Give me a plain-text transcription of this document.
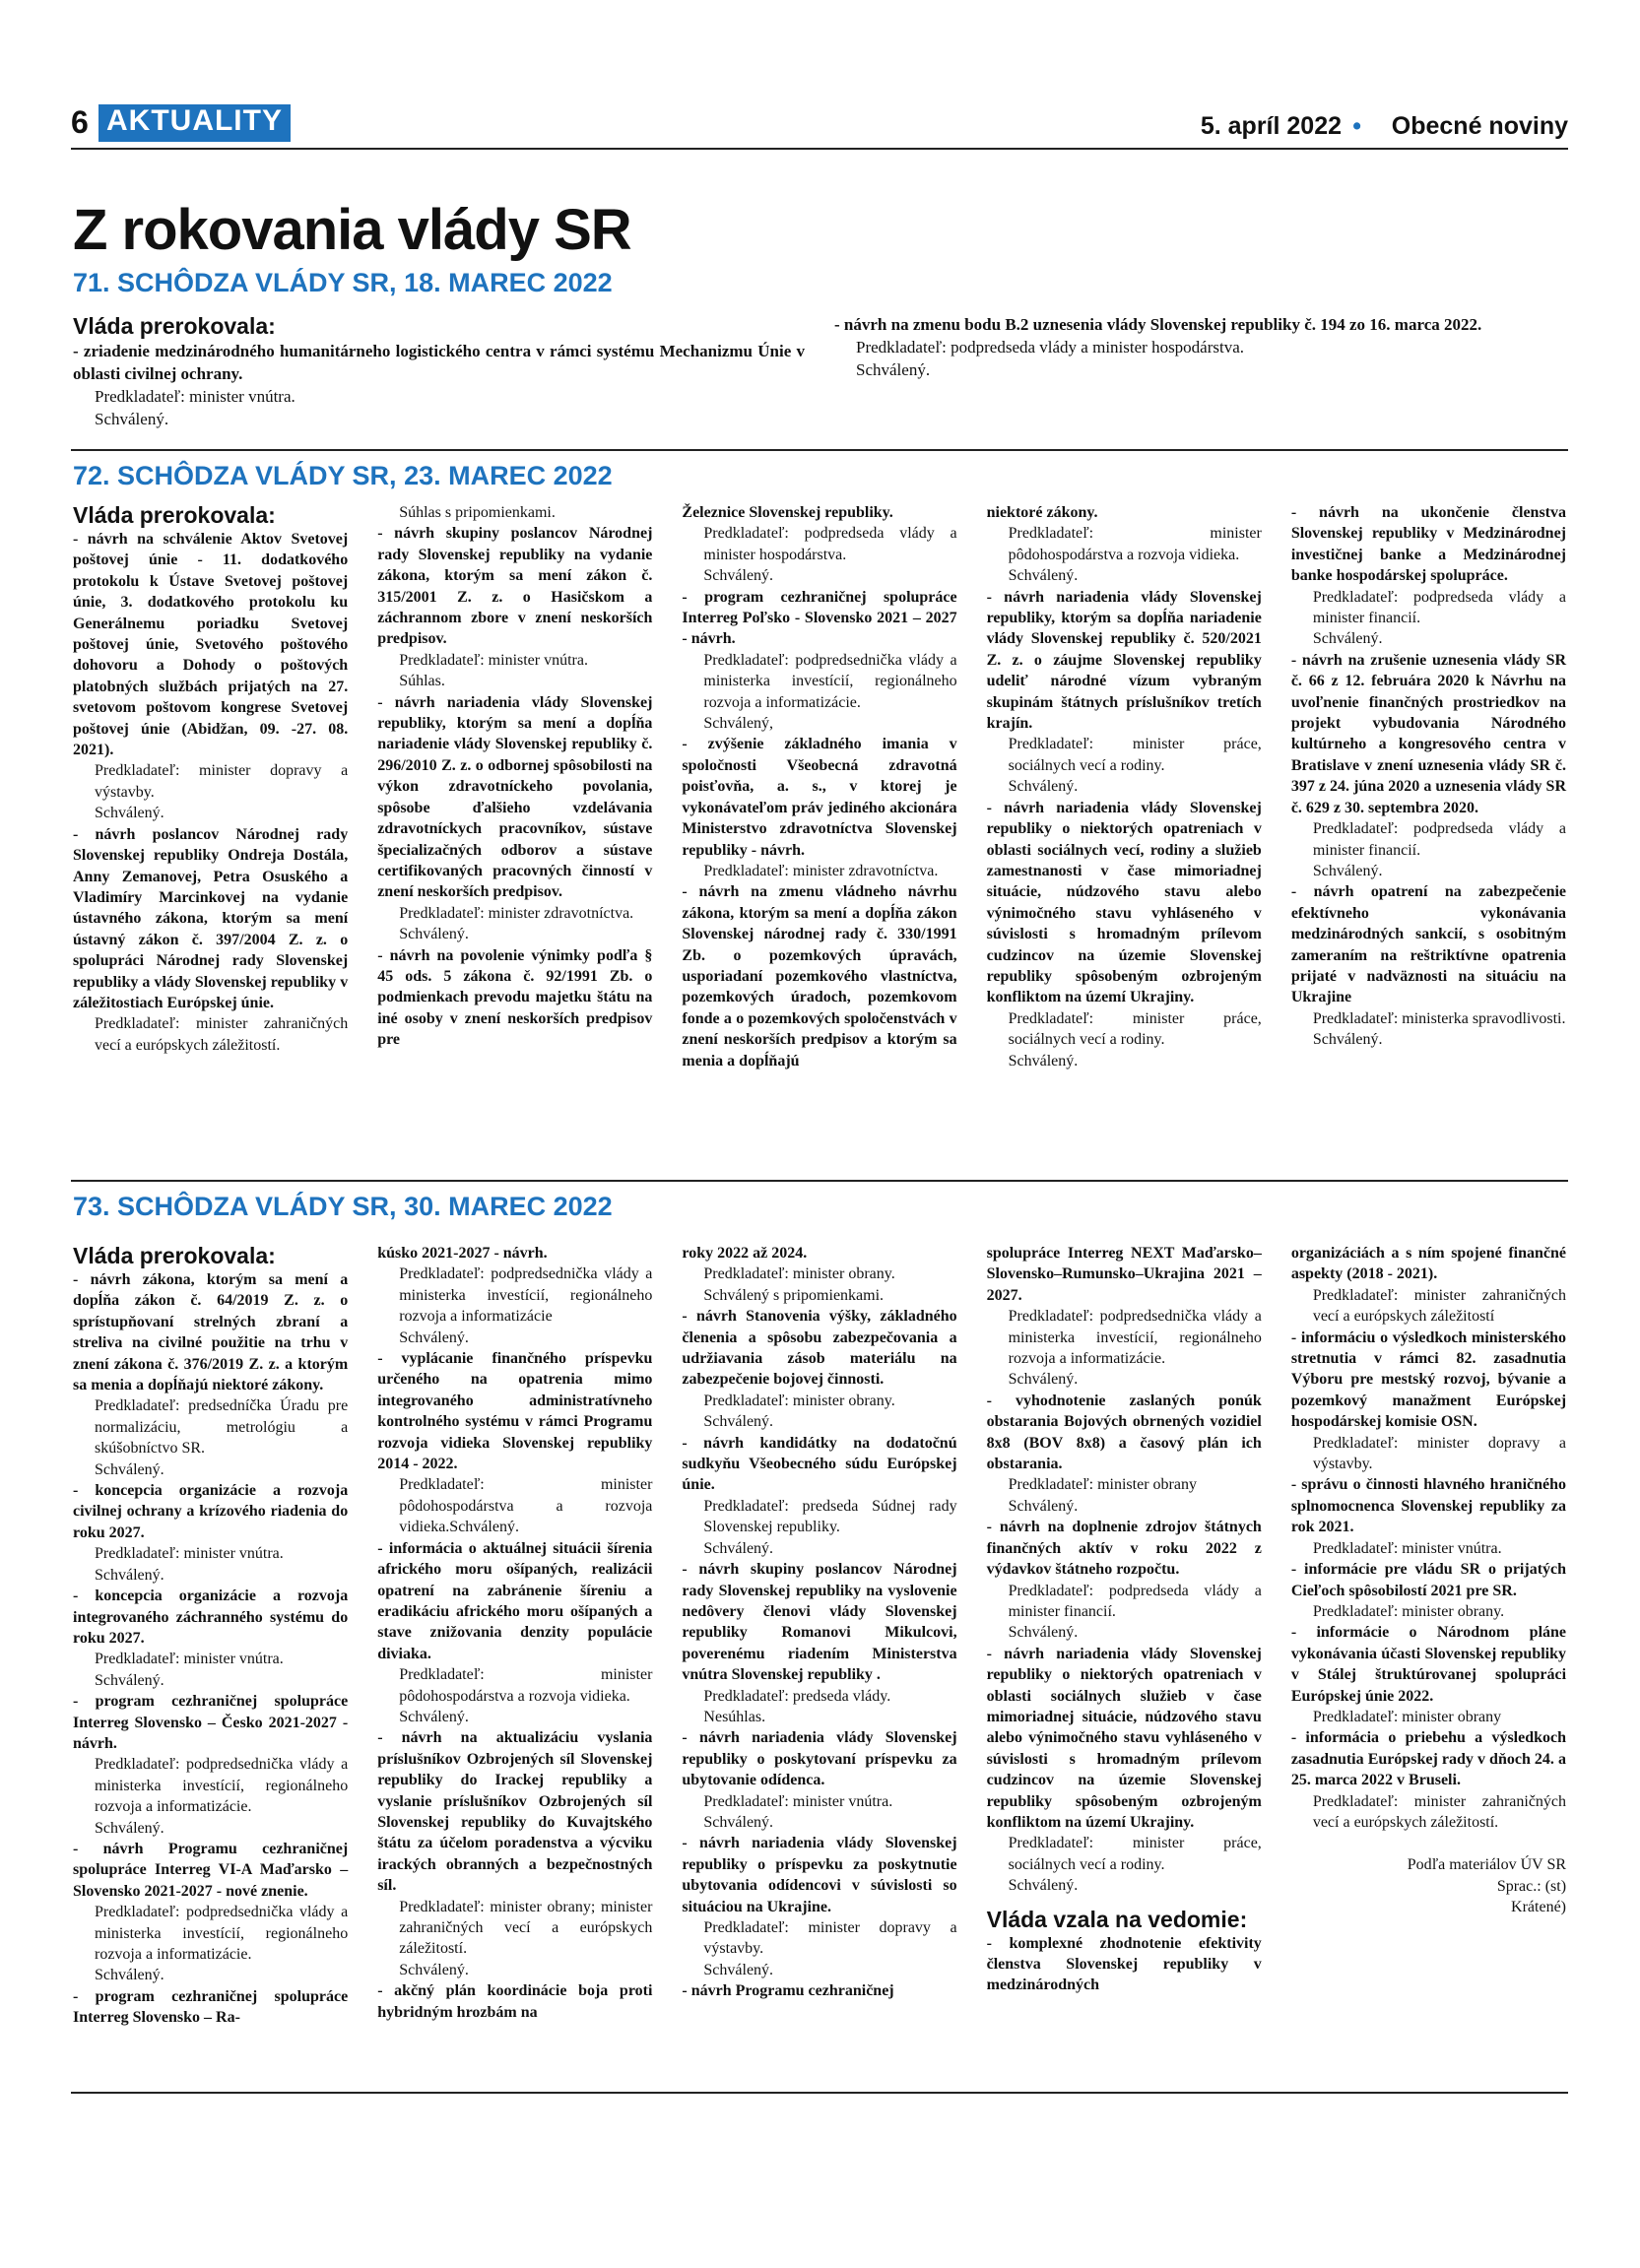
6 AKTUALITY	5. apríl 2022 • Obecné noviny
Z rokovania vlády SR
71. SCHÔDZA VLÁDY SR, 18. MAREC 2022

Vláda prerokovala:

- zriadenie medzinárodného humanitárneho logistického centra v rámci systému Mechanizmu Únie v oblasti civilnej ochrany.

Predkladateľ: minister vnútra.

Schválený.

- návrh na zmenu bodu B.2 uznesenia vlády Slovenskej republiky č. 194 zo 16. marca 2022.

Predkladateľ: podpredseda vlády a minister hospodárstva.

Schválený.

72. SCHÔDZA VLÁDY SR, 23. MAREC 2022

Vláda prerokovala:

- návrh na schválenie Aktov Svetovej poštovej únie - 11. dodatkového protokolu k Ústave Svetovej poštovej únie, 3. dodatkového protokolu ku Generálnemu poriadku Svetovej poštovej únie, Svetového poštového dohovoru a Dohody o poštových platobných službách prijatých na 27. svetovom poštovom kongrese Svetovej poštovej únie (Abidžan, 09. -27. 08. 2021).

Predkladateľ: minister dopravy a výstavby.

Schválený.

- návrh poslancov Národnej rady Slovenskej republiky Ondreja Dostála, Anny Zemanovej, Petra Osuského a Vladimíry Marcinkovej na vydanie ústavného zákona, ktorým sa mení ústavný zákon č. 397/2004 Z. z. o spolupráci Národnej rady Slovenskej republiky a vlády Slovenskej republiky v záležitostiach Európskej únie.

Predkladateľ: minister zahraničných vecí a európskych záležitostí.

Súhlas s pripomienkami.

- návrh skupiny poslancov Národnej rady Slovenskej republiky na vydanie zákona, ktorým sa mení zákon č. 315/2001 Z. z. o Hasičskom a záchrannom zbore v znení neskorších predpisov.

Predkladateľ: minister vnútra.

Súhlas.

- návrh nariadenia vlády Slovenskej republiky, ktorým sa mení a dopĺňa nariadenie vlády Slovenskej republiky č. 296/2010 Z. z. o odbornej spôsobilosti na výkon zdravotníckeho povolania, spôsobe ďalšieho vzdelávania zdravotníckych pracovníkov, sústave špecializačných odborov a sústave certifikovaných pracovných činností v znení neskorších predpisov.

Predkladateľ: minister zdravotníctva.

Schválený.

- návrh na povolenie výnimky podľa § 45 ods. 5 zákona č. 92/1991 Zb. o podmienkach prevodu majetku štátu na iné osoby v znení neskorších predpisov pre

Železnice Slovenskej republiky.

Predkladateľ: podpredseda vlády a minister hospodárstva.

Schválený.

- program cezhraničnej spolupráce Interreg Poľsko - Slovensko 2021 – 2027 - návrh.

Predkladateľ: podpredsednička vlády a ministerka investícií, regionálneho rozvoja a informatizácie.

Schválený,

- zvýšenie základného imania v spoločnosti Všeobecná zdravotná poisťovňa, a. s., v ktorej je vykonávateľom práv jediného akcionára Ministerstvo zdravotníctva Slovenskej republiky - návrh.

Predkladateľ: minister zdravotníctva.

- návrh na zmenu vládneho návrhu zákona, ktorým sa mení a dopĺňa zákon Slovenskej národnej rady č. 330/1991 Zb. o pozemkových úpravách, usporiadaní pozemkového vlastníctva, pozemkových úradoch, pozemkovom fonde a o pozemkových spoločenstvách v znení neskorších predpisov a ktorým sa menia a dopĺňajú

niektoré zákony.

Predkladateľ: minister pôdohospodárstva a rozvoja vidieka.

Schválený.

- návrh nariadenia vlády Slovenskej republiky, ktorým sa dopĺňa nariadenie vlády Slovenskej republiky č. 520/2021 Z. z. o záujme Slovenskej republiky udeliť národné vízum vybraným skupinám štátnych príslušníkov tretích krajín.

Predkladateľ: minister práce, sociálnych vecí a rodiny.

Schválený.

- návrh nariadenia vlády Slovenskej republiky o niektorých opatreniach v oblasti sociálnych vecí, rodiny a služieb zamestnanosti v čase mimoriadnej situácie, núdzového stavu alebo výnimočného stavu vyhláseného v súvislosti s hromadným prílevom cudzincov na územie Slovenskej republiky spôsobeným ozbrojeným konfliktom na území Ukrajiny.

Predkladateľ: minister práce, sociálnych vecí a rodiny.

Schválený.

- návrh na ukončenie členstva Slovenskej republiky v Medzinárodnej investičnej banke a Medzinárodnej banke hospodárskej spolupráce.

Predkladateľ: podpredseda vlády a minister financií.

Schválený.

- návrh na zrušenie uznesenia vlády SR č. 66 z 12. februára 2020 k Návrhu na uvoľnenie finančných prostriedkov na projekt vybudovania Národného kultúrneho a kongresového centra v Bratislave v znení uznesenia vlády SR č. 397 z 24. júna 2020 a uznesenia vlády SR č. 629 z 30. septembra 2020.

Predkladateľ: podpredseda vlády a minister financií.

Schválený.

- návrh opatrení na zabezpečenie efektívneho vykonávania medzinárodných sankcií, s osobitným zameraním na reštriktívne opatrenia prijaté v nadväznosti na situáciu na Ukrajine

Predkladateľ: ministerka spravodlivosti.

Schválený.

73. SCHÔDZA VLÁDY SR, 30. MAREC 2022

Vláda prerokovala:

- návrh zákona, ktorým sa mení a dopĺňa zákon č. 64/2019 Z. z. o sprístupňovaní strelných zbraní a streliva na civilné použitie na trhu v znení zákona č. 376/2019 Z. z. a ktorým sa menia a dopĺňajú niektoré zákony.

Predkladateľ: predsedníčka Úradu pre normalizáciu, metrológiu a skúšobníctvo SR.

Schválený.

- koncepcia organizácie a rozvoja civilnej ochrany a krízového riadenia do roku 2027.

Predkladateľ: minister vnútra.

Schválený.

- koncepcia organizácie a rozvoja integrovaného záchranného systému do roku 2027.

Predkladateľ: minister vnútra.

Schválený.

- program cezhraničnej spolupráce Interreg Slovensko – Česko 2021-2027 - návrh.

Predkladateľ: podpredsednička vlády a ministerka investícií, regionálneho rozvoja a informatizácie.

Schválený.

- návrh Programu cezhraničnej spolupráce Interreg VI-A Maďarsko – Slovensko 2021-2027 - nové znenie.

Predkladateľ: podpredsednička vlády a ministerka investícií, regionálneho rozvoja a informatizácie.

Schválený.

- program cezhraničnej spolupráce Interreg Slovensko – Ra-

kúsko 2021-2027 - návrh.

Predkladateľ: podpredsednička vlády a ministerka investícií, regionálneho rozvoja a informatizácie

Schválený.

- vyplácanie finančného príspevku určeného na opatrenia mimo integrovaného administratívneho kontrolného systému v rámci Programu rozvoja vidieka Slovenskej republiky 2014 - 2022.

Predkladateľ: minister pôdohospodárstva a rozvoja vidieka.Schválený.

- informácia o aktuálnej situácii šírenia afrického moru ošípaných, realizácii opatrení na zabránenie šíreniu a eradikáciu afrického moru ošípaných a stave znižovania denzity populácie diviaka.

Predkladateľ: minister pôdohospodárstva a rozvoja vidieka.

Schválený.

- návrh na aktualizáciu vyslania príslušníkov Ozbrojených síl Slovenskej republiky do Irackej republiky a vyslanie príslušníkov Ozbrojených síl Slovenskej republiky do Kuvajtského štátu za účelom poradenstva a výcviku irackých obranných a bezpečnostných síl.

Predkladateľ: minister obrany; minister zahraničných vecí a európskych záležitostí.

Schválený.

- akčný plán koordinácie boja proti hybridným hrozbám na

roky 2022 až 2024.

Predkladateľ: minister obrany.

Schválený s pripomienkami.

- návrh Stanovenia výšky, základného členenia a spôsobu zabezpečovania a udržiavania zásob materiálu na zabezpečenie bojovej činnosti.

Predkladateľ: minister obrany.

Schválený.

- návrh kandidátky na dodatočnú sudkyňu Všeobecného súdu Európskej únie.

Predkladateľ: predseda Súdnej rady Slovenskej republiky.

Schválený.

- návrh skupiny poslancov Národnej rady Slovenskej republiky na vyslovenie nedôvery členovi vlády Slovenskej republiky Romanovi Mikulcovi, poverenému riadením Ministerstva vnútra Slovenskej republiky .

Predkladateľ: predseda vlády.

Nesúhlas.

- návrh nariadenia vlády Slovenskej republiky o poskytovaní príspevku za ubytovanie odídenca.

Predkladateľ: minister vnútra.

Schválený.

- návrh nariadenia vlády Slovenskej republiky o príspevku za poskytnutie ubytovania odídencovi v súvislosti so situáciou na Ukrajine.

Predkladateľ: minister dopravy a výstavby.

Schválený.

- návrh Programu cezhraničnej

spolupráce Interreg NEXT Maďarsko–Slovensko–Rumunsko–Ukrajina 2021 – 2027.

Predkladateľ: podpredsednička vlády a ministerka investícií, regionálneho rozvoja a informatizácie.

Schválený.

- vyhodnotenie zaslaných ponúk obstarania Bojových obrnených vozidiel 8x8 (BOV 8x8) a časový plán ich obstarania.

Predkladateľ: minister obrany

Schválený.

- návrh na doplnenie zdrojov štátnych finančných aktív v roku 2022 z výdavkov štátneho rozpočtu.

Predkladateľ: podpredseda vlády a minister financií.

Schválený.

- návrh nariadenia vlády Slovenskej republiky o niektorých opatreniach v oblasti sociálnych služieb v čase mimoriadnej situácie, núdzového stavu alebo výnimočného stavu vyhláseného v súvislosti s hromadným prílevom cudzincov na územie Slovenskej republiky spôsobeným ozbrojeným konfliktom na území Ukrajiny.

Predkladateľ: minister práce, sociálnych vecí a rodiny.

Schválený.

Vláda vzala na vedomie:

- komplexné zhodnotenie efektivity členstva Slovenskej republiky v medzinárodných

organizáciách a s ním spojené finančné aspekty (2018 - 2021).

Predkladateľ: minister zahraničných vecí a európskych záležitostí

- informáciu o výsledkoch ministerského stretnutia v rámci 82. zasadnutia Výboru pre mestský rozvoj, bývanie a pozemkový manažment Európskej hospodárskej komisie OSN.

Predkladateľ: minister dopravy a výstavby.

- správu o činnosti hlavného hraničného splnomocnenca Slovenskej republiky za rok 2021.

Predkladateľ: minister vnútra.

- informácie pre vládu SR o prijatých Cieľoch spôsobilostí 2021 pre SR.

Predkladateľ: minister obrany.

- informácie o Národnom pláne vykonávania účasti Slovenskej republiky v Stálej štruktúrovanej spolupráci Európskej únie 2022.

Predkladateľ: minister obrany

- informácia o priebehu a výsledkoch zasadnutia Európskej rady v dňoch 24. a 25. marca 2022 v Bruseli.

Predkladateľ: minister zahraničných vecí a európskych záležitostí.

Podľa materiálov ÚV SR

Sprac.: (st)

Krátené)
